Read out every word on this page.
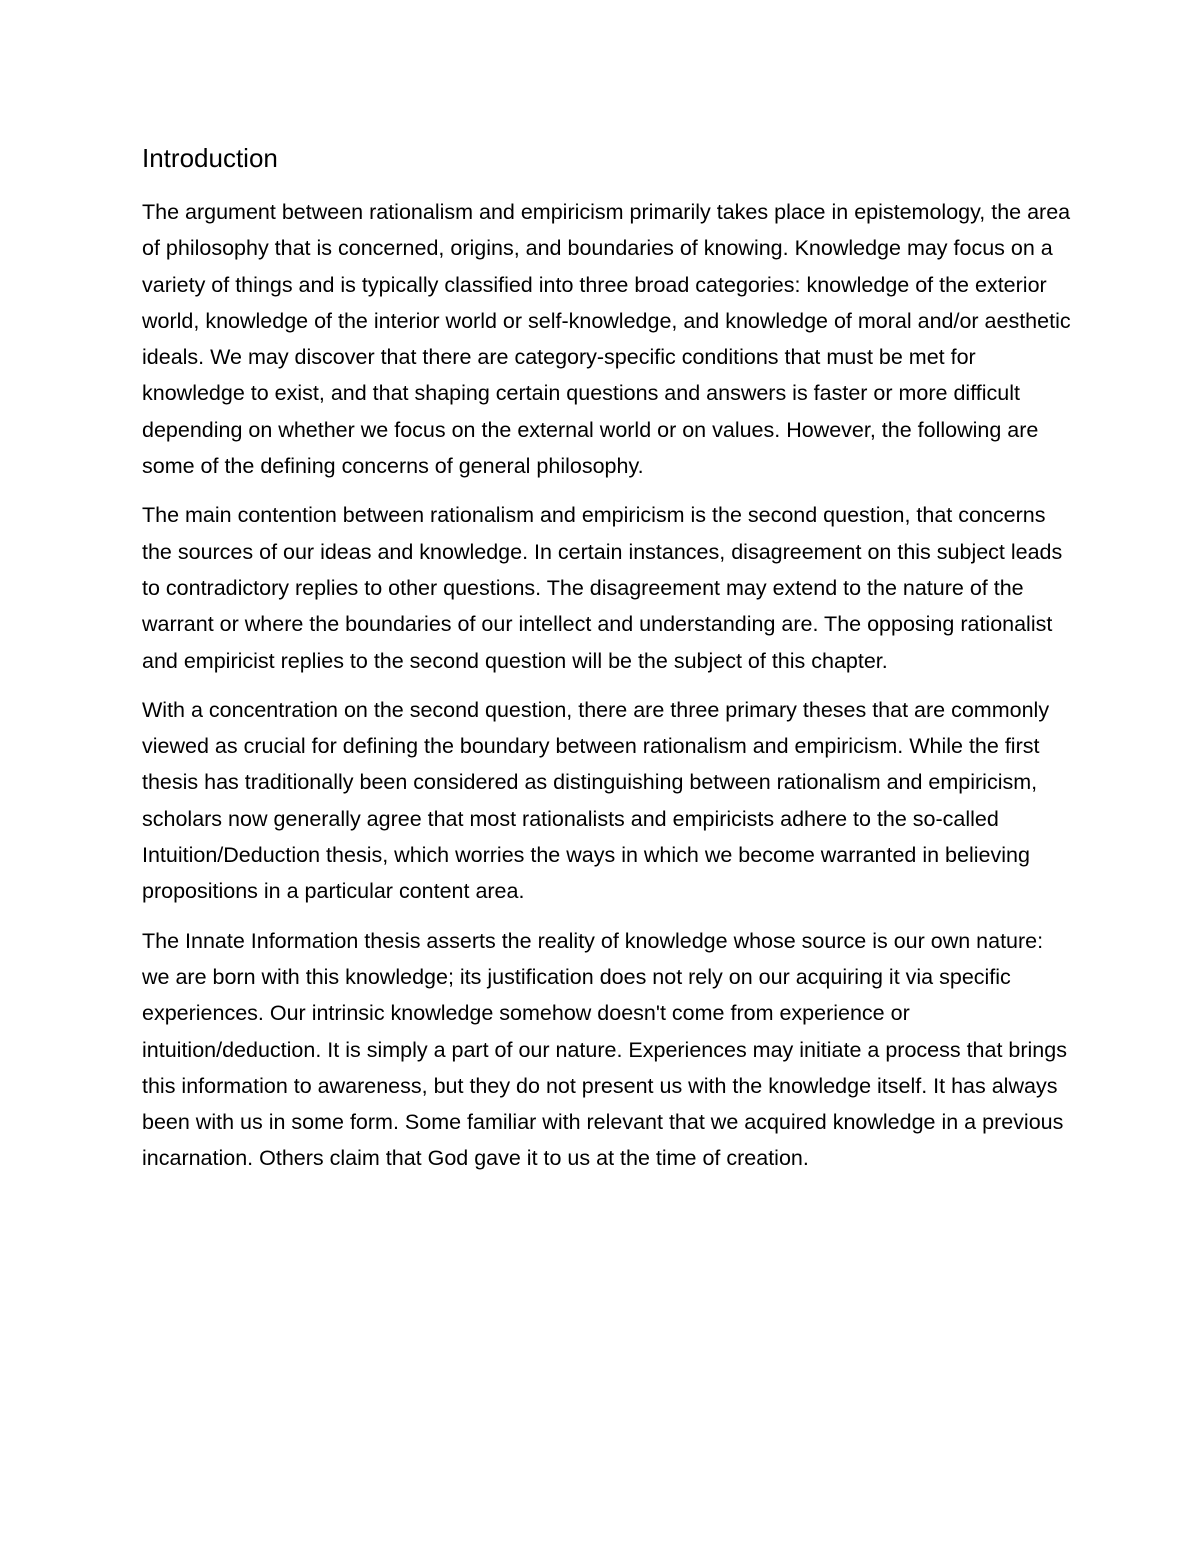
Introduction

The argument between rationalism and empiricism primarily takes place in epistemology, the area of philosophy that is concerned, origins, and boundaries of knowing. Knowledge may focus on a variety of things and is typically classified into three broad categories: knowledge of the exterior world, knowledge of the interior world or self-knowledge, and knowledge of moral and/or aesthetic ideals. We may discover that there are category-specific conditions that must be met for knowledge to exist, and that shaping certain questions and answers is faster or more difficult depending on whether we focus on the external world or on values. However, the following are some of the defining concerns of general philosophy.

The main contention between rationalism and empiricism is the second question, that concerns the sources of our ideas and knowledge. In certain instances, disagreement on this subject leads to contradictory replies to other questions. The disagreement may extend to the nature of the warrant or where the boundaries of our intellect and understanding are. The opposing rationalist and empiricist replies to the second question will be the subject of this chapter.

With a concentration on the second question, there are three primary theses that are commonly viewed as crucial for defining the boundary between rationalism and empiricism. While the first thesis has traditionally been considered as distinguishing between rationalism and empiricism, scholars now generally agree that most rationalists and empiricists adhere to the so-called Intuition/Deduction thesis, which worries the ways in which we become warranted in believing propositions in a particular content area.

The Innate Information thesis asserts the reality of knowledge whose source is our own nature: we are born with this knowledge; its justification does not rely on our acquiring it via specific experiences. Our intrinsic knowledge somehow doesn't come from experience or intuition/deduction. It is simply a part of our nature. Experiences may initiate a process that brings this information to awareness, but they do not present us with the knowledge itself. It has always been with us in some form. Some familiar with relevant that we acquired knowledge in a previous incarnation. Others claim that God gave it to us at the time of creation.
